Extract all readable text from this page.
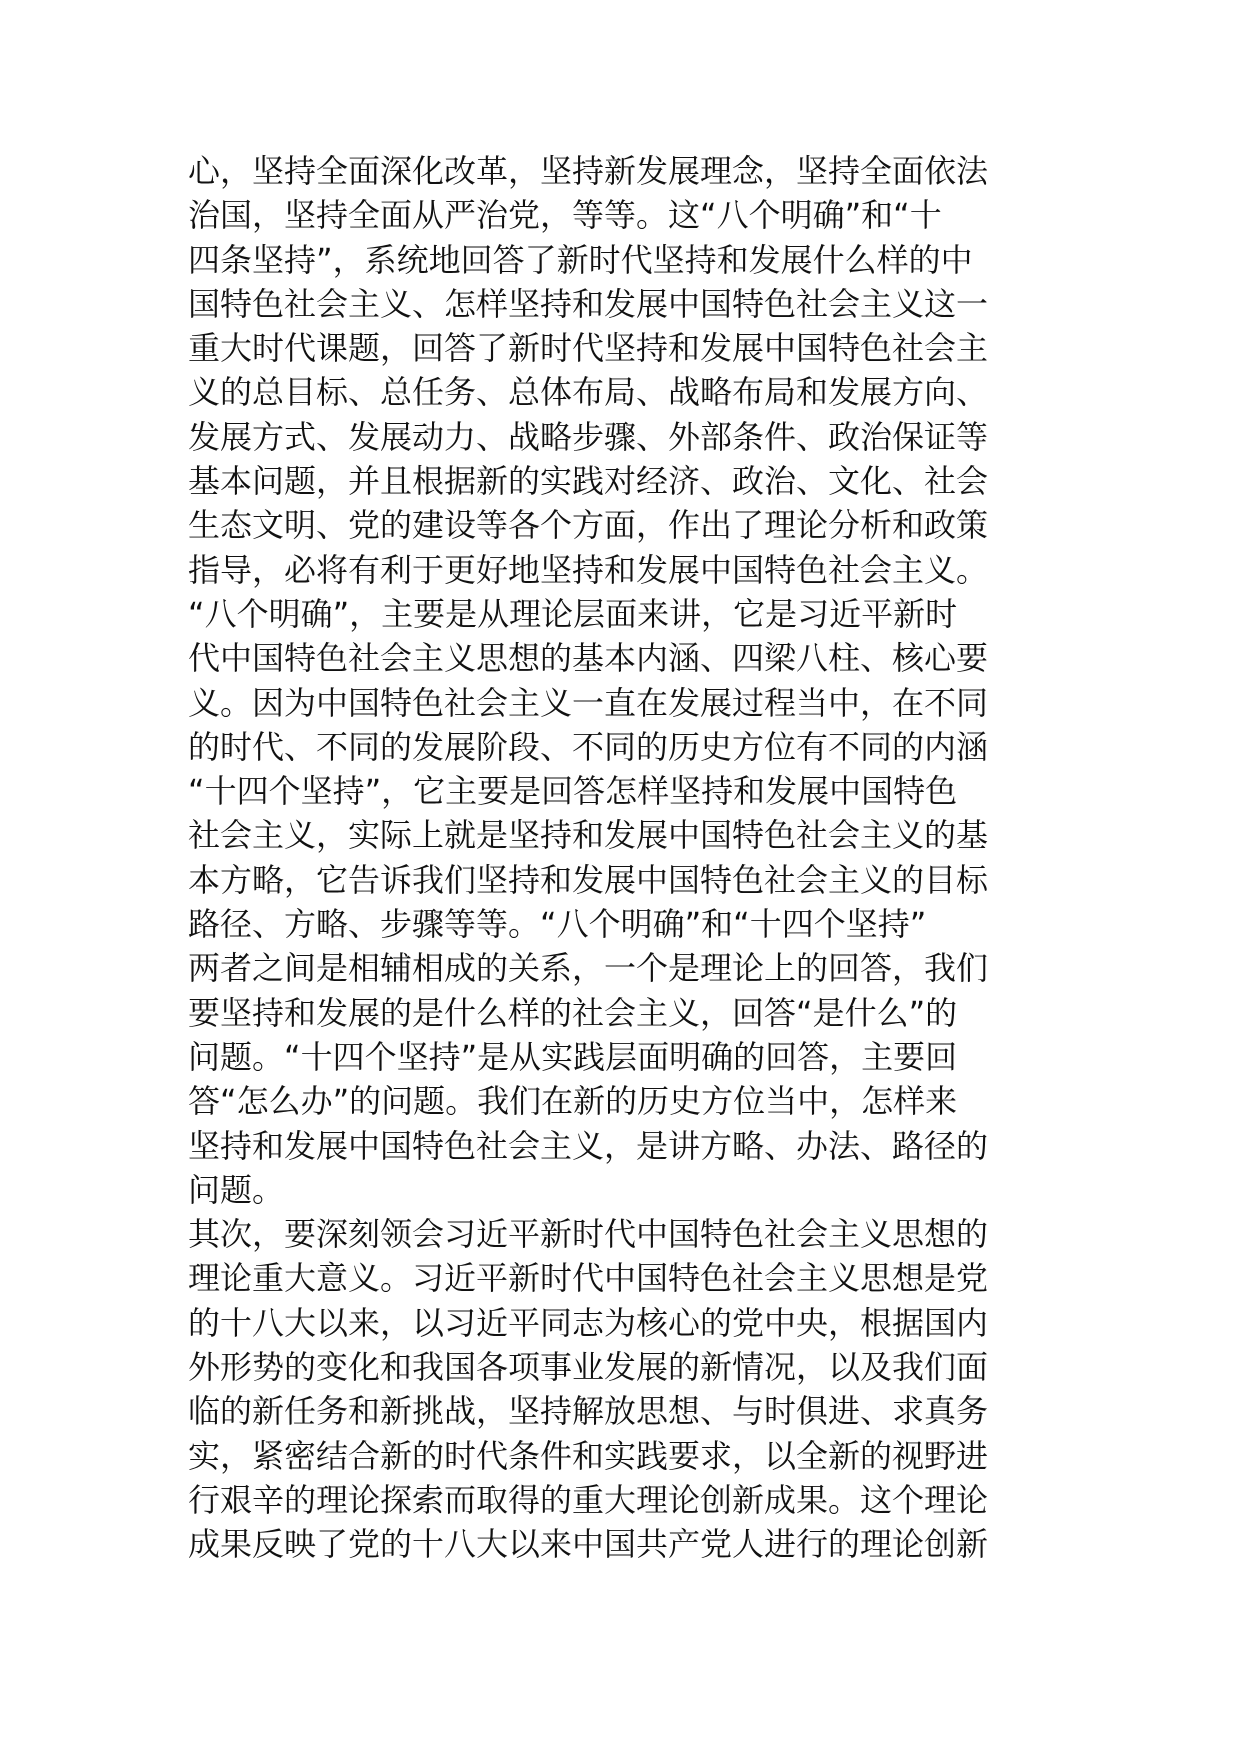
心，坚持全面深化改革，坚持新发展理念，坚持全面依法
治国，坚持全面从严治党，等等。这“八个明确”和“十
四条坚持”，系统地回答了新时代坚持和发展什么样的中
国特色社会主义、怎样坚持和发展中国特色社会主义这一
重大时代课题，回答了新时代坚持和发展中国特色社会主
义的总目标、总任务、总体布局、战略布局和发展方向、
发展方式、发展动力、战略步骤、外部条件、政治保证等
基本问题，并且根据新的实践对经济、政治、文化、社会
生态文明、党的建设等各个方面，作出了理论分析和政策
指导，必将有利于更好地坚持和发展中国特色社会主义。
“八个明确”，主要是从理论层面来讲，它是习近平新时
代中国特色社会主义思想的基本内涵、四梁八柱、核心要
义。因为中国特色社会主义一直在发展过程当中，在不同
的时代、不同的发展阶段、不同的历史方位有不同的内涵
“十四个坚持”，它主要是回答怎样坚持和发展中国特色
社会主义，实际上就是坚持和发展中国特色社会主义的基
本方略，它告诉我们坚持和发展中国特色社会主义的目标
路径、方略、步骤等等。“八个明确”和“十四个坚持”
两者之间是相辅相成的关系，一个是理论上的回答，我们
要坚持和发展的是什么样的社会主义，回答“是什么”的
问题。“十四个坚持”是从实践层面明确的回答，主要回
答“怎么办”的问题。我们在新的历史方位当中，怎样来
坚持和发展中国特色社会主义，是讲方略、办法、路径的
问题。
其次，要深刻领会习近平新时代中国特色社会主义思想的
理论重大意义。习近平新时代中国特色社会主义思想是党
的十八大以来，以习近平同志为核心的党中央，根据国内
外形势的变化和我国各项事业发展的新情况，以及我们面
临的新任务和新挑战，坚持解放思想、与时俱进、求真务
实，紧密结合新的时代条件和实践要求，以全新的视野进
行艰辛的理论探索而取得的重大理论创新成果。这个理论
成果反映了党的十八大以来中国共产党人进行的理论创新
